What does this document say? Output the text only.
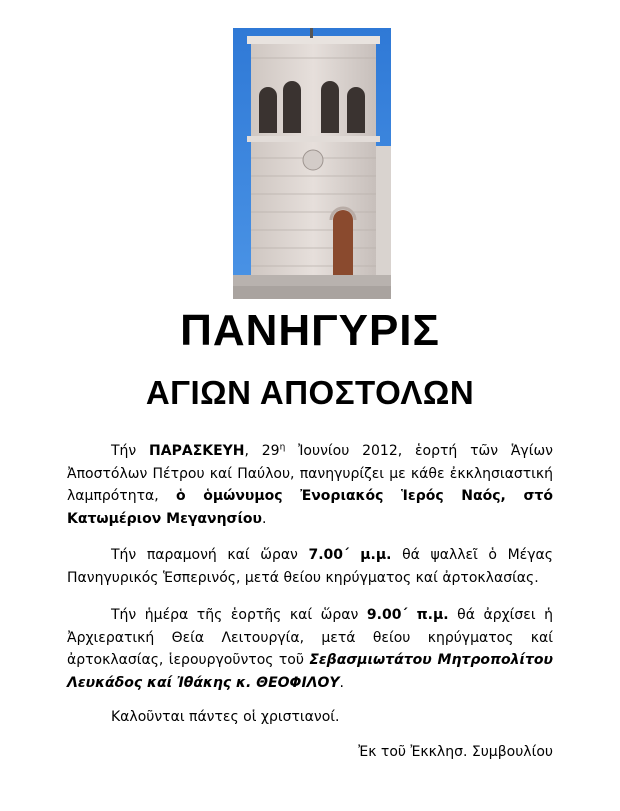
ΠΑΝΗΓΥΡΙΣ
ΑΓΙΩΝ ΑΠΟΣΤΟΛΩΝ
Τήν ΠΑΡΑΣΚΕΥΗ, $29^\eta$ Ἰουνίου 2012, ἑορτή τῶν Ἁγίων Ἀποστόλων Πέτρου καί Παύλου, πανηγυρίζει με κάθε ἐκκλησιαστική λαμπρότητα, ὁ ὁμώνυμος Ἐνοριακός Ἱερός Ναός, στό Κατωμέριον Μεγανησίου.
Τήν παραμονή καί ὥραν 7.00΄ μ.μ. θά ψαλλεῖ ὁ Μέγας Πανηγυρικός Ἑσπερινός, μετά θείου κηρύγματος καί ἀρτοκλασίας.
Τήν ἡμέρα τῆς ἑορτῆς καί ὥραν 9.00΄ π.μ. θά ἀρχίσει ἡ Ἀρχιερατική Θεία Λειτουργία, μετά θείου κηρύγματος καί ἀρτοκλασίας, ἱερουργοῦντος τοῦ Σεβασμιωτάτου Μητροπολίτου Λευκάδος καί Ἰθάκης κ. ΘΕΟΦΙΛΟΥ.
Καλοῦνται πάντες οἱ χριστιανοί.
Ἐκ τοῦ Ἐκκλησ. Συμβουλίου
